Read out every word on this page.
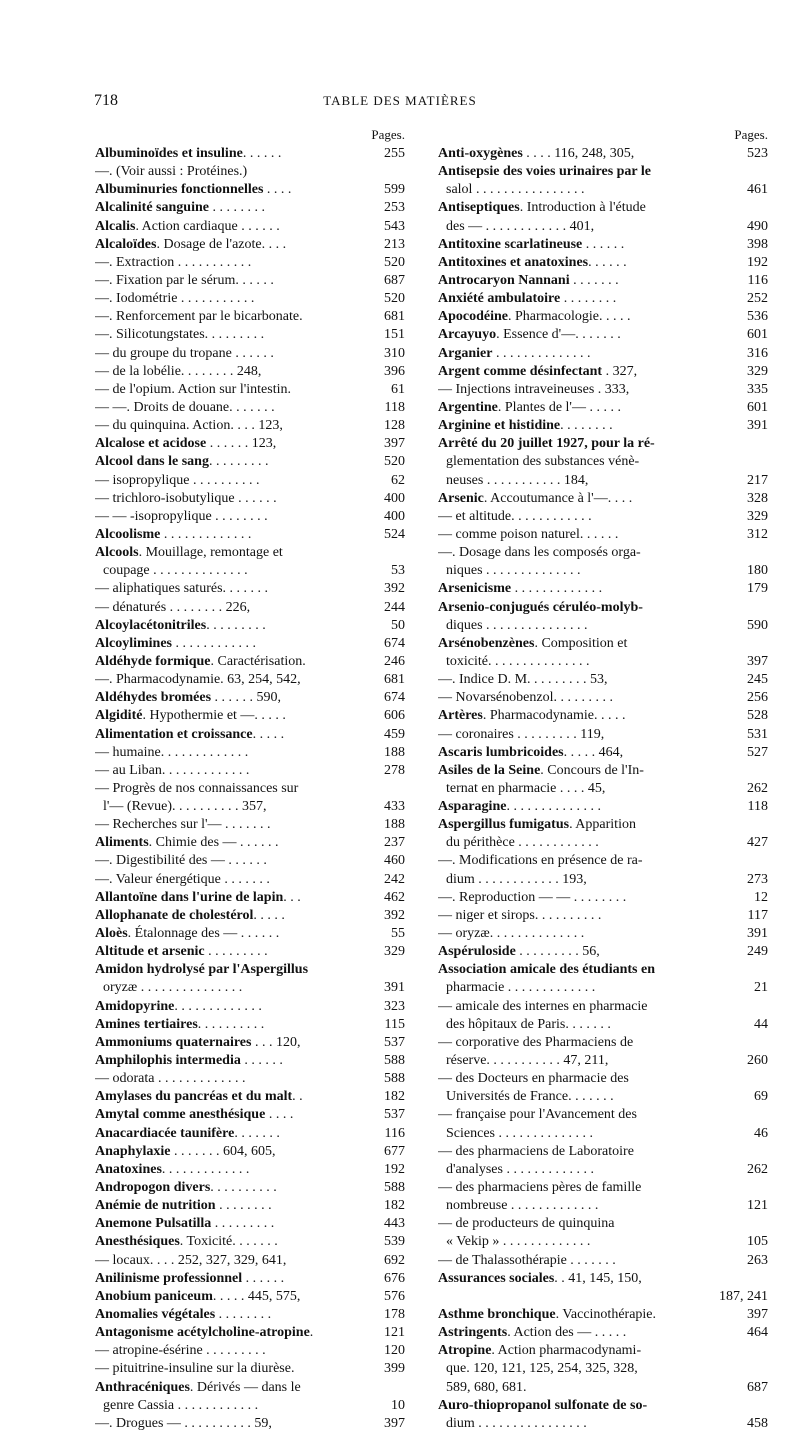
718	TABLE DES MATIÈRES
Pages.
Albuminoïdes et insuline. . . . . .	255
—. (Voir aussi : Protéines.)
Albuminuries fonctionnelles . . . .	599
Alcalinité sanguine . . . . . . . .	253
Alcalis. Action cardiaque . . . . . .	543
Alcaloïdes. Dosage de l'azote. . . .	213
—. Extraction . . . . . . . . . . .	520
—. Fixation par le sérum. . . . . .	687
—. Iodométrie . . . . . . . . . . .	520
—. Renforcement par le bicarbonate.	681
—. Silicotungstates. . . . . . . . .	151
— du groupe du tropane . . . . . .	310
— de la lobélie. . . . . . . . 248,	396
— de l'opium. Action sur l'intestin.	61
— —. Droits de douane. . . . . . .	118
— du quinquina. Action. . . . 123,	128
Alcalose et acidose . . . . . . 123,	397
Alcool dans le sang. . . . . . . . .	520
— isopropylique . . . . . . . . . .	62
— trichloro-isobutylique . . . . . .	400
— — -isopropylique . . . . . . . .	400
Alcoolisme . . . . . . . . . . . . .	524
Alcools. Mouillage, remontage et
coupage . . . . . . . . . . . . . .	53
— aliphatiques saturés. . . . . . .	392
— dénaturés . . . . . . . . 226,	244
Alcoylacétonitriles. . . . . . . . .	50
Alcoylimines . . . . . . . . . . . .	674
Aldéhyde formique. Caractérisation.	246
—. Pharmacodynamie. 63, 254, 542,	681
Aldéhydes bromées . . . . . . 590,	674
Algidité. Hypothermie et —. . . . .	606
Alimentation et croissance. . . . .	459
— humaine. . . . . . . . . . . . .	188
— au Liban. . . . . . . . . . . . .	278
— Progrès de nos connaissances sur
l'— (Revue). . . . . . . . . . 357,	433
— Recherches sur l'— . . . . . . .	188
Aliments. Chimie des — . . . . . .	237
—. Digestibilité des — . . . . . .	460
—. Valeur énergétique . . . . . . .	242
Allantoïne dans l'urine de lapin. . .	462
Allophanate de cholestérol. . . . .	392
Aloès. Étalonnage des — . . . . . .	55
Altitude et arsenic . . . . . . . . .	329
Amidon hydrolysé par l'Aspergillus
oryzæ . . . . . . . . . . . . . . .	391
Amidopyrine. . . . . . . . . . . . .	323
Amines tertiaires. . . . . . . . . .	115
Ammoniums quaternaires . . . 120,	537
Amphilophis intermedia . . . . . .	588
— odorata . . . . . . . . . . . . .	588
Amylases du pancréas et du malt. .	182
Amytal comme anesthésique . . . .	537
Anacardiacée taunifère. . . . . . .	116
Anaphylaxie . . . . . . . 604, 605,	677
Anatoxines. . . . . . . . . . . . .	192
Andropogon divers. . . . . . . . . .	588
Anémie de nutrition . . . . . . . .	182
Anemone Pulsatilla . . . . . . . . .	443
Anesthésiques. Toxicité. . . . . . .	539
— locaux. . . . 252, 327, 329, 641,	692
Anilinisme professionnel . . . . . .	676
Anobium paniceum. . . . . 445, 575,	576
Anomalies végétales . . . . . . . .	178
Antagonisme acétylcholine-atropine.	121
— atropine-ésérine . . . . . . . . .	120
— pituitrine-insuline sur la diurèse.	399
Anthracéniques. Dérivés — dans le
genre Cassia . . . . . . . . . . . .	10
—. Drogues — . . . . . . . . . . 59,	397
Pages.
Anti-oxygènes . . . . 116, 248, 305,	523
Antisepsie des voies urinaires par le
salol . . . . . . . . . . . . . . . .	461
Antiseptiques. Introduction à l'étude
des — . . . . . . . . . . . . 401,	490
Antitoxine scarlatineuse . . . . . .	398
Antitoxines et anatoxines. . . . . .	192
Antrocaryon Nannani . . . . . . .	116
Anxiété ambulatoire . . . . . . . .	252
Apocodéine. Pharmacologie. . . . .	536
Arcayuyo. Essence d'—. . . . . . .	601
Arganier . . . . . . . . . . . . . .	316
Argent comme désinfectant . 327,	329
— Injections intraveineuses . 333,	335
Argentine. Plantes de l'— . . . . .	601
Arginine et histidine. . . . . . . .	391
Arrêté du 20 juillet 1927, pour la ré-
glementation des substances vénè-
neuses . . . . . . . . . . . 184,	217
Arsenic. Accoutumance à l'—. . . .	328
— et altitude. . . . . . . . . . . .	329
— comme poison naturel. . . . . .	312
—. Dosage dans les composés orga-
niques . . . . . . . . . . . . . .	180
Arsenicisme . . . . . . . . . . . . .	179
Arsenio-conjugués céruléo-molyb-
diques . . . . . . . . . . . . . . .	590
Arsénobenzènes. Composition et
toxicité. . . . . . . . . . . . . . .	397
—. Indice D. M. . . . . . . . . 53,	245
— Novarsénobenzol. . . . . . . . .	256
Artères. Pharmacodynamie. . . . .	528
— coronaires . . . . . . . . . 119,	531
Ascaris lumbricoides. . . . . 464,	527
Asiles de la Seine. Concours de l'In-
ternat en pharmacie . . . . 45,	262
Asparagine. . . . . . . . . . . . . .	118
Aspergillus fumigatus. Apparition
du périthèce . . . . . . . . . . . .	427
—. Modifications en présence de ra-
dium . . . . . . . . . . . . 193,	273
—. Reproduction — — . . . . . . . .	12
— niger et sirops. . . . . . . . . .	117
— oryzæ. . . . . . . . . . . . . .	391
Aspéruloside . . . . . . . . . 56,	249
Association amicale des étudiants en
pharmacie . . . . . . . . . . . . .	21
— amicale des internes en pharmacie
des hôpitaux de Paris. . . . . . .	44
— corporative des Pharmaciens de
réserve. . . . . . . . . . . 47, 211,	260
— des Docteurs en pharmacie des
Universités de France. . . . . . .	69
— française pour l'Avancement des
Sciences . . . . . . . . . . . . . .	46
— des pharmaciens de Laboratoire
d'analyses . . . . . . . . . . . . .	262
— des pharmaciens pères de famille
nombreuse . . . . . . . . . . . . .	121
— de producteurs de quinquina
« Vekip » . . . . . . . . . . . . .	105
— de Thalassothérapie . . . . . . .	263
Assurances sociales. . 41, 145, 150,
187, 241
Asthme bronchique. Vaccinothérapie.	397
Astringents. Action des — . . . . .	464
Atropine. Action pharmacodynami-
que. 120, 121, 125, 254, 325, 328,
589, 680, 681.	687
Auro-thiopropanol sulfonate de so-
dium . . . . . . . . . . . . . . . .	458
